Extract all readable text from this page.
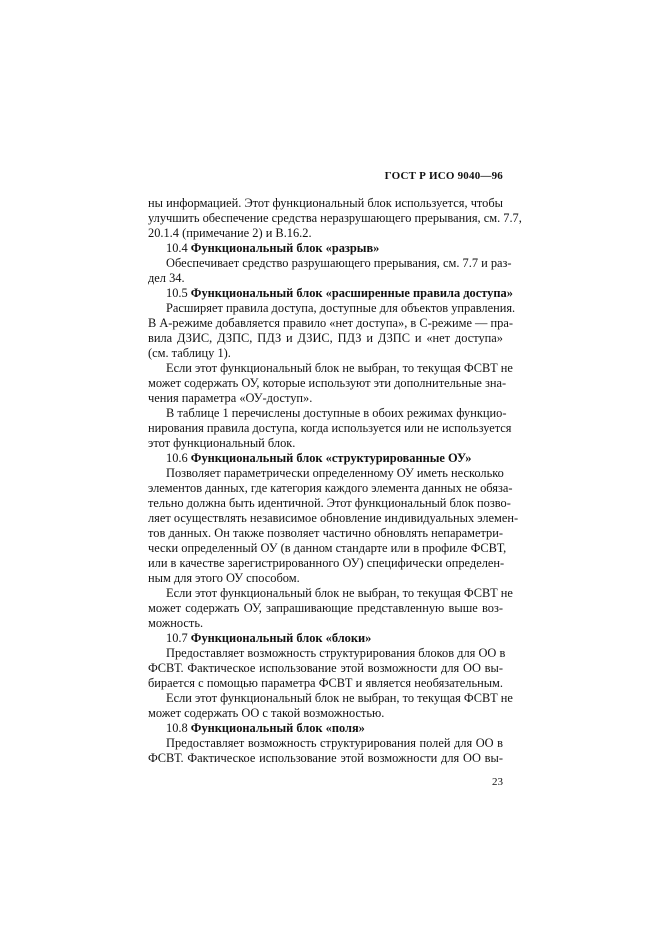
ГОСТ Р ИСО 9040—96
ны информацией. Этот функциональный блок используется, чтобы
улучшить обеспечение средства неразрушающего прерывания, см. 7.7,
20.1.4 (примечание 2) и В.16.2.
10.4 Функциональный блок «разрыв»
Обеспечивает средство разрушающего прерывания, см. 7.7 и раз-
дел 34.
10.5 Функциональный блок «расширенные правила доступа»
Расширяет правила доступа, доступные для объектов управления.
В А-режиме добавляется правило «нет доступа», в С-режиме — пра-
вила ДЗИС, ДЗПС, ПДЗ и ДЗИС, ПДЗ и ДЗПС и «нет доступа»
(см. таблицу 1).
Если этот функциональный блок не выбран, то текущая ФСВТ не
может содержать ОУ, которые используют эти дополнительные зна-
чения параметра «ОУ-доступ».
В таблице 1 перечислены доступные в обоих режимах функцио-
нирования правила доступа, когда используется или не используется
этот функциональный блок.
10.6 Функциональный блок «структурированные ОУ»
Позволяет параметрически определенному ОУ иметь несколько
элементов данных, где категория каждого элемента данных не обяза-
тельно должна быть идентичной. Этот функциональный блок позво-
ляет осуществлять независимое обновление индивидуальных элемен-
тов данных. Он также позволяет частично обновлять непараметри-
чески определенный ОУ (в данном стандарте или в профиле ФСВТ,
или в качестве зарегистрированного ОУ) специфически определен-
ным для этого ОУ способом.
Если этот функциональный блок не выбран, то текущая ФСВТ не
может содержать ОУ, запрашивающие представленную выше воз-
можность.
10.7 Функциональный блок «блоки»
Предоставляет возможность структурирования блоков для ОО в
ФСВТ. Фактическое использование этой возможности для ОО вы-
бирается с помощью параметра ФСВТ и является необязательным.
Если этот функциональный блок не выбран, то текущая ФСВТ не
может содержать ОО с такой возможностью.
10.8 Функциональный блок «поля»
Предоставляет возможность структурирования полей для ОО в
ФСВТ. Фактическое использование этой возможности для ОО вы-
23
